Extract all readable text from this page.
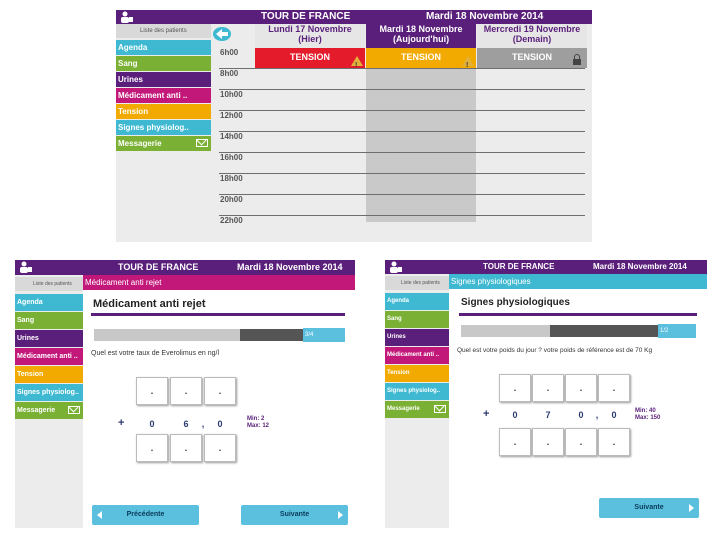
TOUR DE FRANCE	Mardi 18 Novembre 2014
Liste des patients
Agenda
Sang
Urines
Médicament anti ..
Tension
Signes physiolog..
Messagerie
Lundi 17 Novembre
(Hier)
Mardi 18 Novembre
(Aujourd'hui)
Mercredi 19 Novembre
(Demain)
TENSION !	TENSION !	TENSION
6h00
8h00
10h00
12h00
14h00
16h00
18h00
20h00
22h00
TOUR DE FRANCE	Mardi 18 Novembre 2014
Liste des patients
Agenda
Sang
Urines
Médicament anti ..
Tension
Signes physiolog..
Messagerie
Médicament anti rejet
Médicament anti rejet
3/4
Quel est votre taux de Everolimus en ng/l
.	.	.
+	0	6	,	0	Min: 2
Max: 12
.	.	.
Précédente	Suivante
TOUR DE FRANCE	Mardi 18 Novembre 2014
Liste des patients
Agenda
Sang
Urines
Médicament anti ..
Tension
Signes physiolog..
Messagerie
Signes physiologiques
Signes physiologiques
1/2
Quel est votre poids du jour ? votre poids de référence est de 70 Kg
.	.	.	.
+	0	7	0	,	0	Min: 40
Max: 150
.	.	.	.
Suivante
